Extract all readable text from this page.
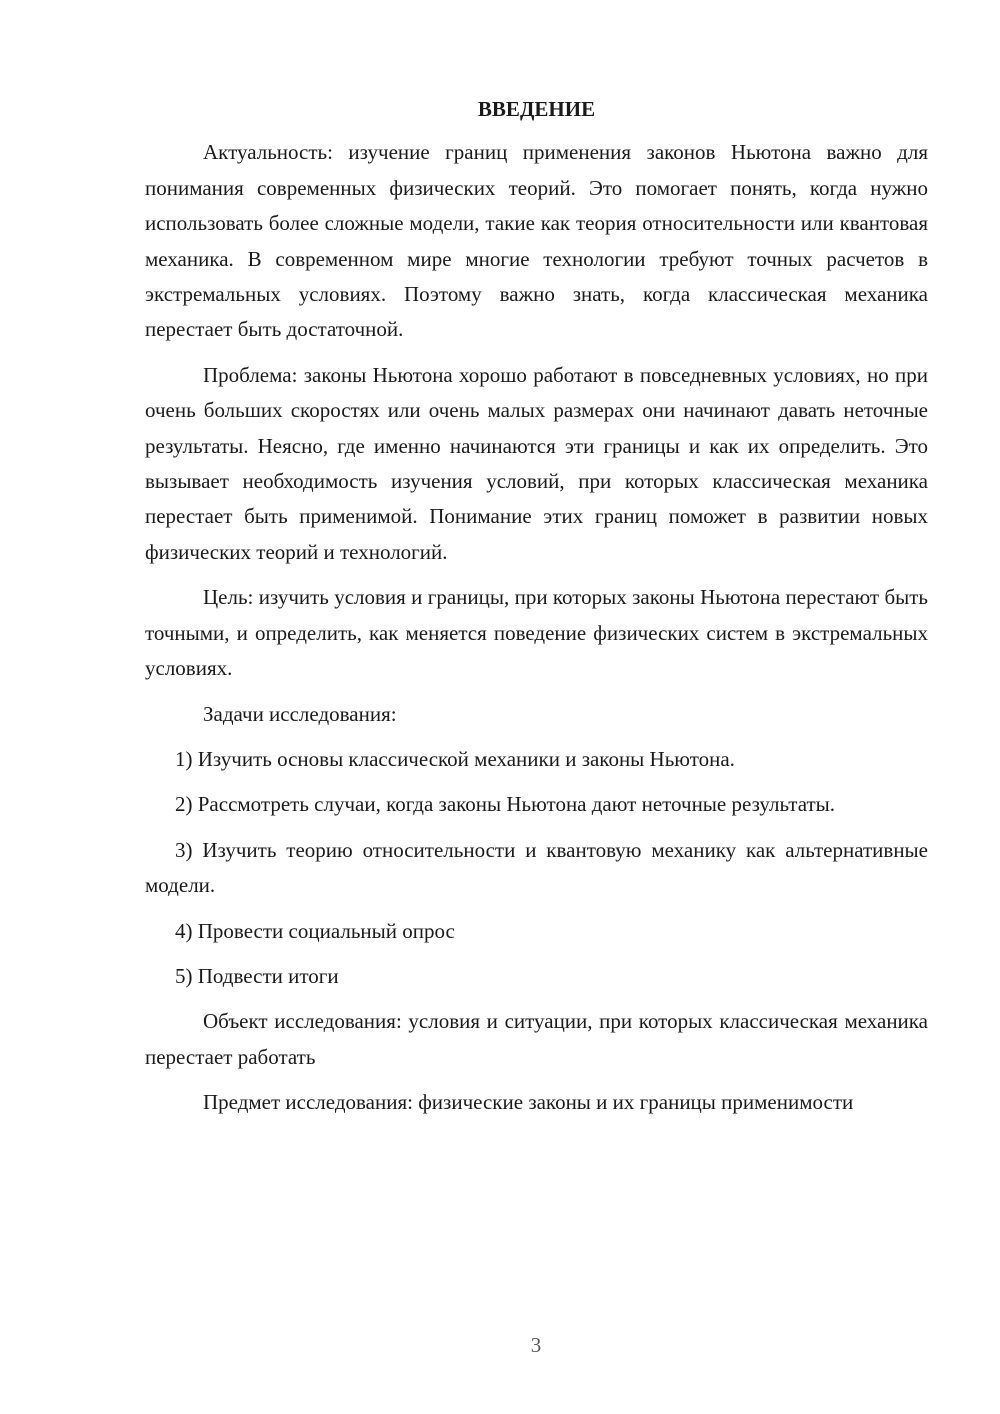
ВВЕДЕНИЕ

Актуальность: изучение границ применения законов Ньютона важно для понимания современных физических теорий. Это помогает понять, когда нужно использовать более сложные модели, такие как теория относительности или квантовая механика. В современном мире многие технологии требуют точных расчетов в экстремальных условиях. Поэтому важно знать, когда классическая механика перестает быть достаточной.

Проблема: законы Ньютона хорошо работают в повседневных условиях, но при очень больших скоростях или очень малых размерах они начинают давать неточные результаты. Неясно, где именно начинаются эти границы и как их определить. Это вызывает необходимость изучения условий, при которых классическая механика перестает быть применимой. Понимание этих границ поможет в развитии новых физических теорий и технологий.

Цель: изучить условия и границы, при которых законы Ньютона перестают быть точными, и определить, как меняется поведение физических систем в экстремальных условиях.

Задачи исследования:

1) Изучить основы классической механики и законы Ньютона.

2) Рассмотреть случаи, когда законы Ньютона дают неточные результаты.

3) Изучить теорию относительности и квантовую механику как альтернативные модели.

4) Провести социальный опрос

5) Подвести итоги

Объект исследования: условия и ситуации, при которых классическая механика перестает работать

Предмет исследования: физические законы и их границы применимости

3
